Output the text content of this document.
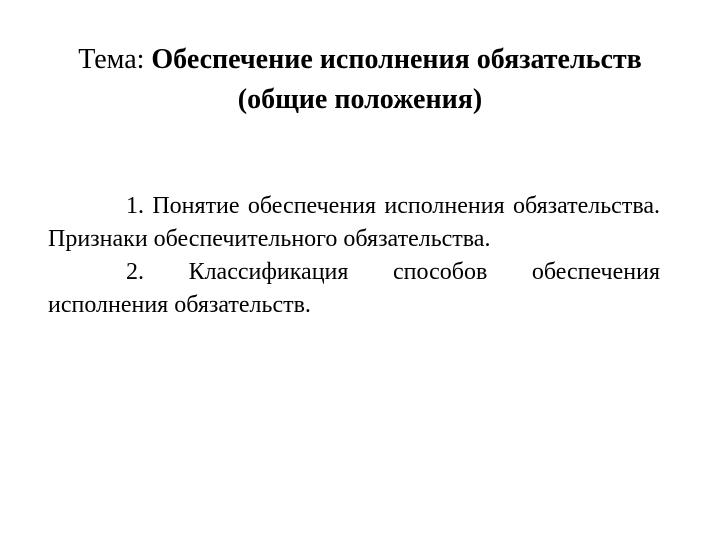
Тема: Обеспечение исполнения обязательств (общие положения)

1. Понятие обеспечения исполнения обязательства. Признаки обеспечительного обязательства.

2. Классификация способов обеспечения исполнения обязательств.
